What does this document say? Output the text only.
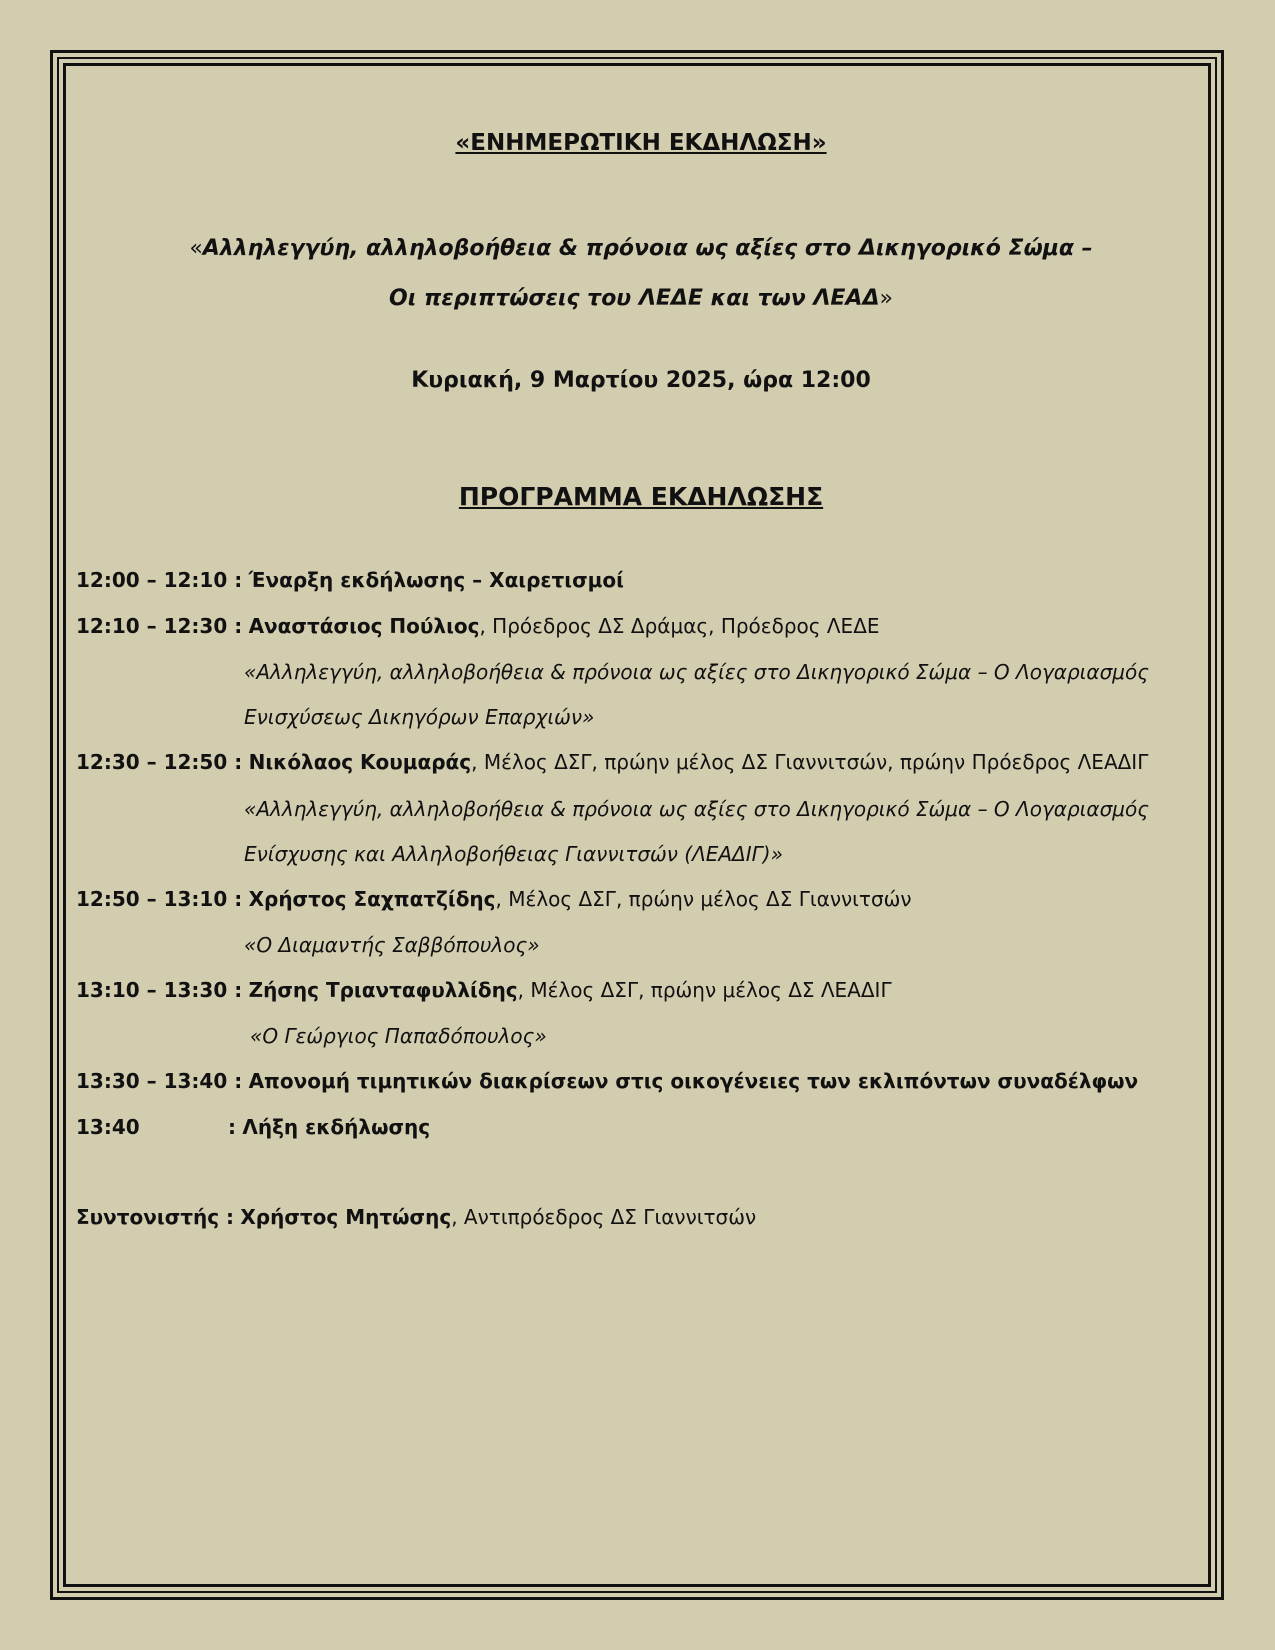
«ΕΝΗΜΕΡΩΤΙΚΗ ΕΚΔΗΛΩΣΗ»
«Αλληλεγγύη, αλληλοβοήθεια & πρόνοια ως αξίες στο Δικηγορικό Σώμα –
Οι περιπτώσεις του ΛΕΔΕ και των ΛΕΑΔ»
Κυριακή, 9 Μαρτίου 2025, ώρα 12:00
ΠΡΟΓΡΑΜΜΑ ΕΚΔΗΛΩΣΗΣ
12:00 – 12:10 : Έναρξη εκδήλωσης – Χαιρετισμοί
12:10 – 12:30 : Αναστάσιος Πούλιος, Πρόεδρος ΔΣ Δράμας, Πρόεδρος ΛΕΔΕ
«Αλληλεγγύη, αλληλοβοήθεια & πρόνοια ως αξίες στο Δικηγορικό Σώμα – Ο Λογαριασμός
Ενισχύσεως Δικηγόρων Επαρχιών»
12:30 – 12:50 : Νικόλαος Κουμαράς, Μέλος ΔΣΓ, πρώην μέλος ΔΣ Γιαννιτσών, πρώην Πρόεδρος ΛΕΑΔΙΓ
«Αλληλεγγύη, αλληλοβοήθεια & πρόνοια ως αξίες στο Δικηγορικό Σώμα – Ο Λογαριασμός
Ενίσχυσης και Αλληλοβοήθειας Γιαννιτσών (ΛΕΑΔΙΓ)»
12:50 – 13:10 : Χρήστος Σαχπατζίδης, Μέλος ΔΣΓ, πρώην μέλος ΔΣ Γιαννιτσών
«Ο Διαμαντής Σαββόπουλος»
13:10 – 13:30 : Ζήσης Τριανταφυλλίδης, Μέλος ΔΣΓ, πρώην μέλος ΔΣ ΛΕΑΔΙΓ
«Ο Γεώργιος Παπαδόπουλος»
13:30 – 13:40 : Απονομή τιμητικών διακρίσεων στις οικογένειες των εκλιπόντων συναδέλφων
13:40	: Λήξη εκδήλωσης
Συντονιστής : Χρήστος Μητώσης, Αντιπρόεδρος ΔΣ Γιαννιτσών
